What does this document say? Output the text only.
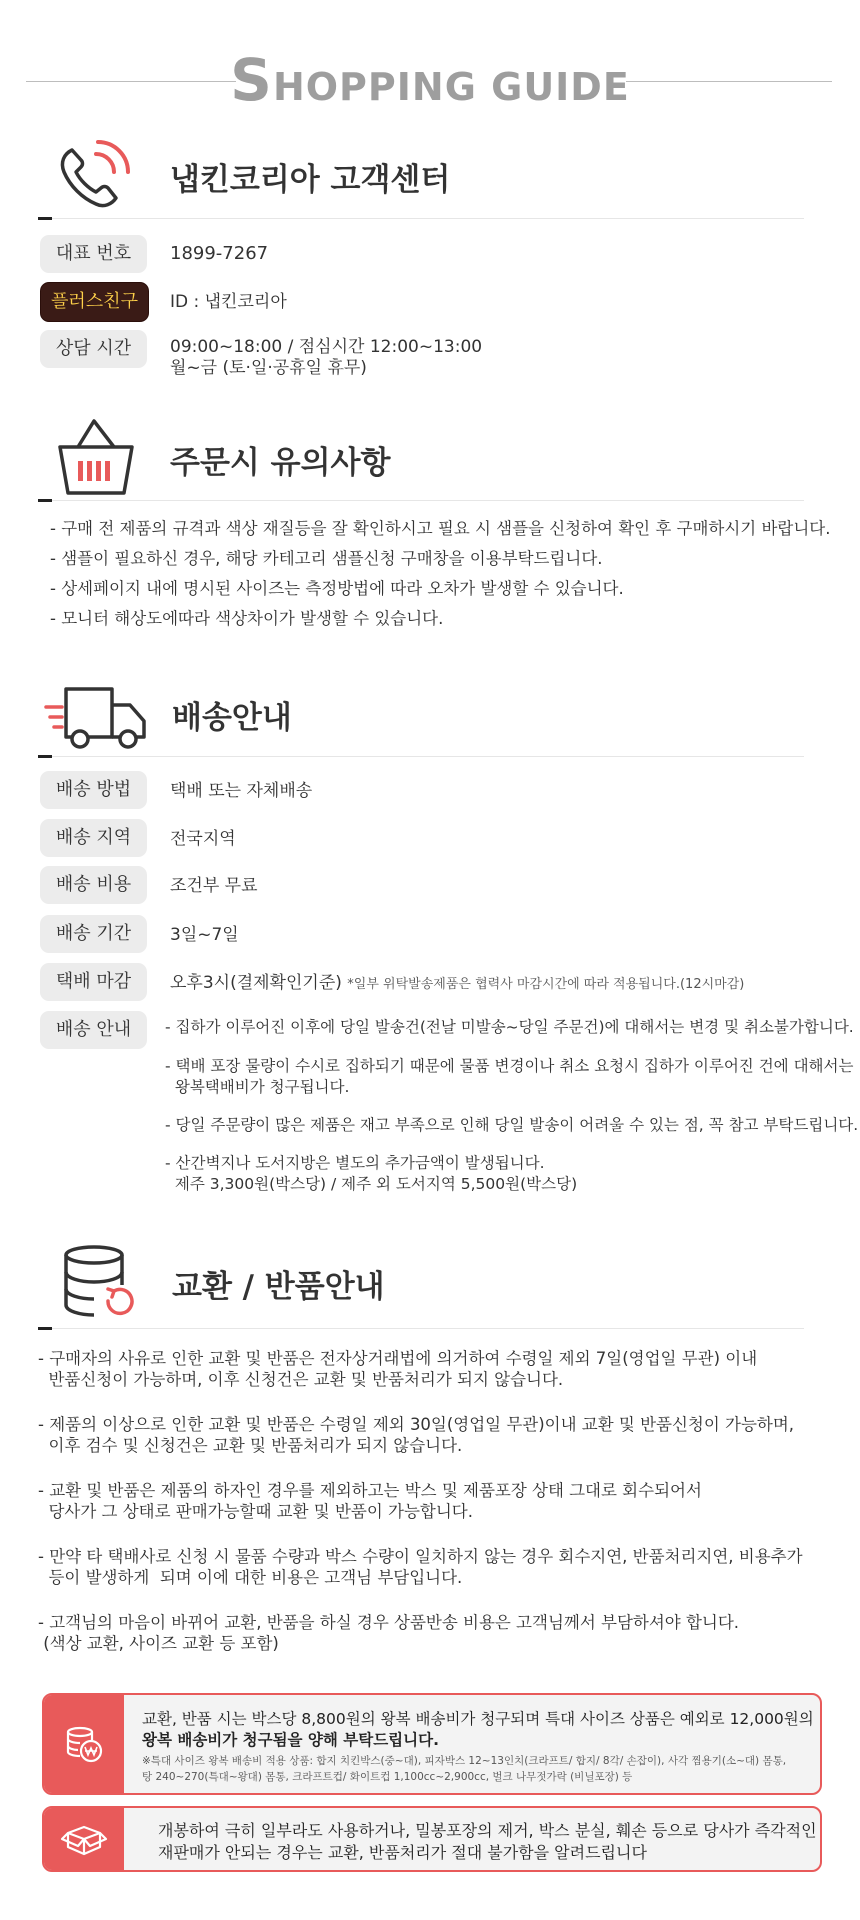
SHOPPING GUIDE
냅킨코리아 고객센터
대표 번호	1899-7267
플러스친구	ID : 냅킨코리아
상담 시간	09:00~18:00 / 점심시간 12:00~13:00
월~금 (토·일·공휴일 휴무)
주문시 유의사항
- 구매 전 제품의 규격과 색상 재질등을 잘 확인하시고 필요 시 샘플을 신청하여 확인 후 구매하시기 바랍니다.
- 샘플이 필요하신 경우, 해당 카테고리 샘플신청 구매창을 이용부탁드립니다.
- 상세페이지 내에 명시된 사이즈는 측정방법에 따라 오차가 발생할 수 있습니다.
- 모니터 해상도에따라 색상차이가 발생할 수 있습니다.
배송안내
배송 방법	택배 또는 자체배송
배송 지역	전국지역
배송 비용	조건부 무료
배송 기간	3일~7일
택배 마감	오후3시(결제확인기준) *일부 위탁발송제품은 협력사 마감시간에 따라 적용됩니다.(12시마감)
배송 안내	- 집하가 이루어진 이후에 당일 발송건(전날 미발송~당일 주문건)에 대해서는 변경 및 취소불가합니다.
- 택배 포장 물량이 수시로 집하되기 때문에 물품 변경이나 취소 요청시 집하가 이루어진 건에 대해서는
왕복택배비가 청구됩니다.
- 당일 주문량이 많은 제품은 재고 부족으로 인해 당일 발송이 어려울 수 있는 점, 꼭 참고 부탁드립니다.
- 산간벽지나 도서지방은 별도의 추가금액이 발생됩니다.
제주 3,300원(박스당) / 제주 외 도서지역 5,500원(박스당)
교환 / 반품안내
- 구매자의 사유로 인한 교환 및 반품은 전자상거래법에 의거하여 수령일 제외 7일(영업일 무관) 이내
반품신청이 가능하며, 이후 신청건은 교환 및 반품처리가 되지 않습니다.
- 제품의 이상으로 인한 교환 및 반품은 수령일 제외 30일(영업일 무관)이내 교환 및 반품신청이 가능하며,
이후 검수 및 신청건은 교환 및 반품처리가 되지 않습니다.
- 교환 및 반품은 제품의 하자인 경우를 제외하고는 박스 및 제품포장 상태 그대로 회수되어서
당사가 그 상태로 판매가능할때 교환 및 반품이 가능합니다.
- 만약 타 택배사로 신청 시 물품 수량과 박스 수량이 일치하지 않는 경우 회수지연, 반품처리지연, 비용추가
등이 발생하게  되며 이에 대한 비용은 고객님 부담입니다.
- 고객님의 마음이 바뀌어 교환, 반품을 하실 경우 상품반송 비용은 고객님께서 부담하셔야 합니다.
(색상 교환, 사이즈 교환 등 포함)
교환, 반품 시는 박스당 8,800원의 왕복 배송비가 청구되며 특대 사이즈 상품은 예외로 12,000원의
왕복 배송비가 청구됨을 양해 부탁드립니다.
※특대 사이즈 왕복 배송비 적용 상품: 합지 치킨박스(중~대), 피자박스 12~13인치(크라프트/ 합지/ 8각/ 손잡이), 사각 찜용기(소~대) 몸통,
탕 240~270(특대~왕대) 몸통, 크라프트컵/ 화이트컵 1,100cc~2,900cc, 벌크 나무젓가락 (비닐포장) 등
개봉하여 극히 일부라도 사용하거나, 밀봉포장의 제거, 박스 분실, 훼손 등으로 당사가 즉각적인
재판매가 안되는 경우는 교환, 반품처리가 절대 불가함을 알려드립니다
